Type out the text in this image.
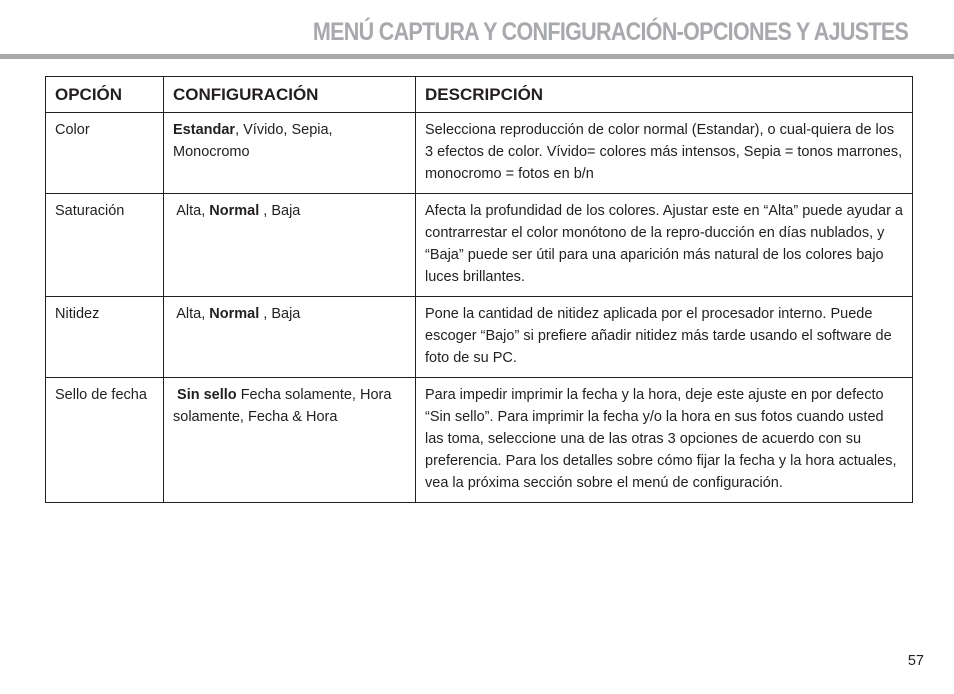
MENÚ CAPTURA Y CONFIGURACIÓN-OPCIONES Y AJUSTES
OPCIÓN	CONFIGURACIÓN	DESCRIPCIÓN
Color	Estandar, Vívido, Sepia, Monocromo	Selecciona reproducción de color normal (Estandar), o cual-quiera de los 3 efectos de color. Vívido= colores más intensos, Sepia = tonos marrones, monocromo = fotos en b/n
Saturación	Alta, Normal , Baja	Afecta la profundidad de los colores. Ajustar este en “Alta” puede ayudar a contrarrestar el color monótono de la repro-ducción en días nublados, y “Baja” puede ser útil para una aparición más natural de los colores bajo luces brillantes.
Nitidez	Alta, Normal , Baja	Pone la cantidad de nitidez aplicada por el procesador interno. Puede escoger “Bajo” si prefiere añadir nitidez más tarde usando el software de foto de su PC.
Sello de fecha	Sin sello Fecha solamente, Hora solamente, Fecha & Hora	Para impedir imprimir la fecha y la hora, deje este ajuste en por defecto “Sin sello”. Para imprimir la fecha y/o la hora en sus fotos cuando usted las toma, seleccione una de las otras 3 opciones de acuerdo con su preferencia. Para los detalles sobre cómo fijar la fecha y la hora actuales, vea la próxima sección sobre el menú de configuración.
57
